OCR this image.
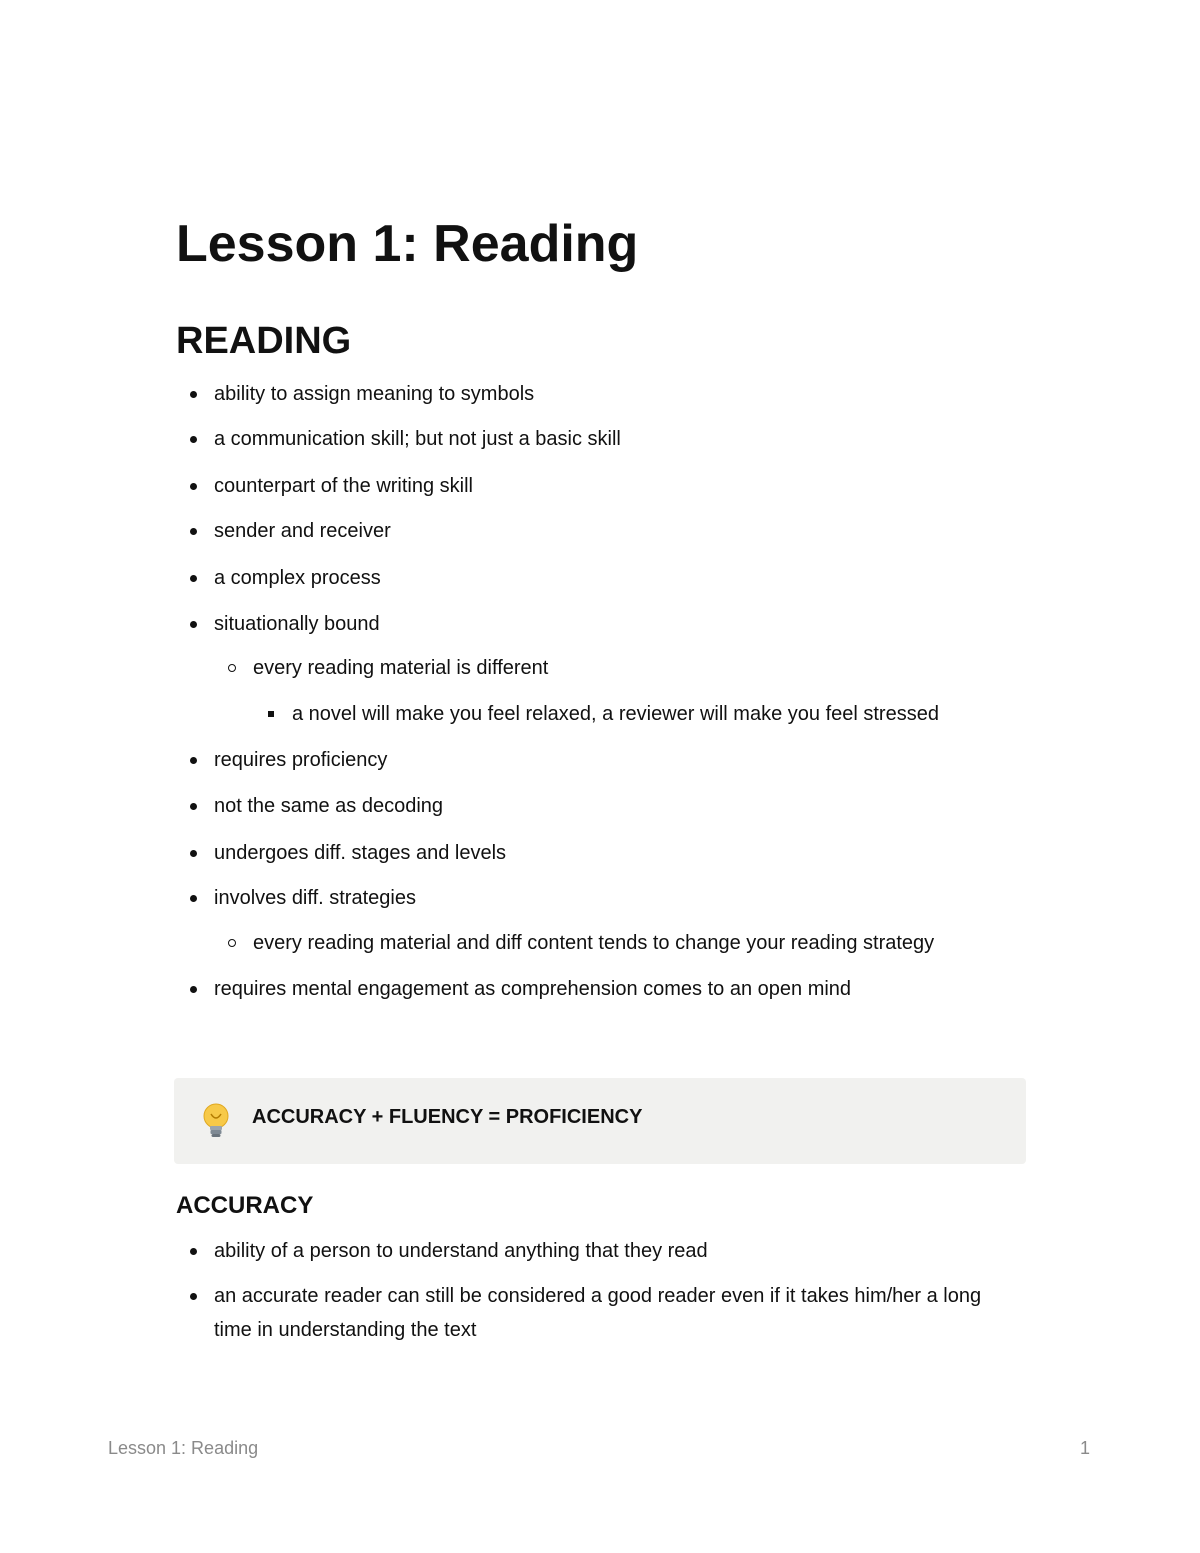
Lesson 1: Reading
READING
ability to assign meaning to symbols
a communication skill; but not just a basic skill
counterpart of the writing skill
sender and receiver
a complex process
situationally bound
every reading material is different
a novel will make you feel relaxed, a reviewer will make you feel stressed
requires proficiency
not the same as decoding
undergoes diff. stages and levels
involves diff. strategies
every reading material and diff content tends to change your reading strategy
requires mental engagement as comprehension comes to an open mind
ACCURACY + FLUENCY = PROFICIENCY
ACCURACY
ability of a person to understand anything that they read
an accurate reader can still be considered a good reader even if it takes him/her a long time in understanding the text
Lesson 1: Reading	1
